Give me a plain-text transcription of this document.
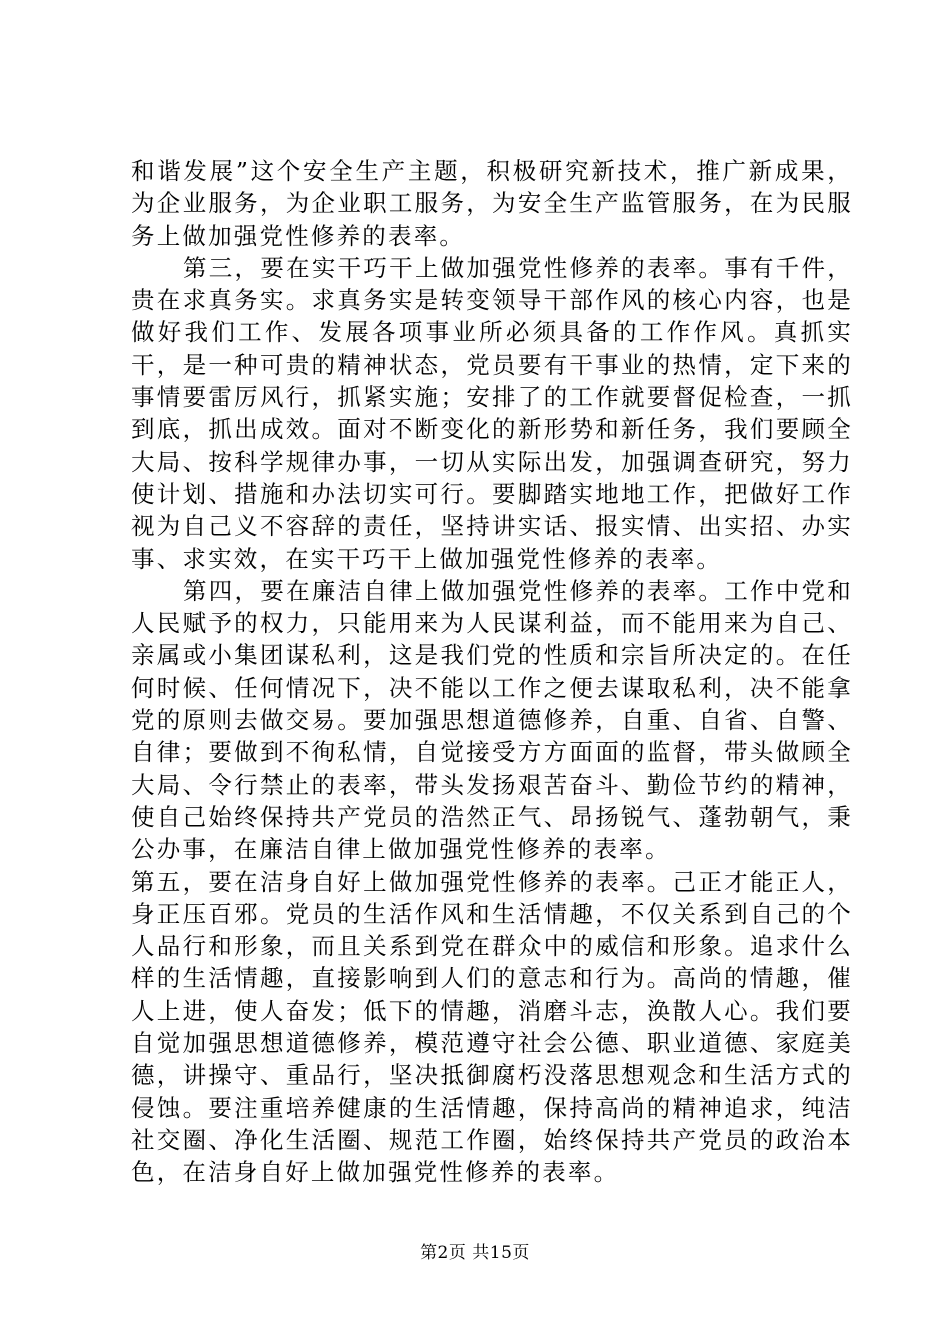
和谐发展”这个安全生产主题，积极研究新技术，推广新成果，为企业服务，为企业职工服务，为安全生产监管服务，在为民服务上做加强党性修养的表率。

第三，要在实干巧干上做加强党性修养的表率。事有千件，贵在求真务实。求真务实是转变领导干部作风的核心内容，也是做好我们工作、发展各项事业所必须具备的工作作风。真抓实干，是一种可贵的精神状态，党员要有干事业的热情，定下来的事情要雷厉风行，抓紧实施；安排了的工作就要督促检查，一抓到底，抓出成效。面对不断变化的新形势和新任务，我们要顾全大局、按科学规律办事，一切从实际出发，加强调查研究，努力使计划、措施和办法切实可行。要脚踏实地地工作，把做好工作视为自己义不容辞的责任，坚持讲实话、报实情、出实招、办实事、求实效，在实干巧干上做加强党性修养的表率。

第四，要在廉洁自律上做加强党性修养的表率。工作中党和人民赋予的权力，只能用来为人民谋利益，而不能用来为自己、亲属或小集团谋私利，这是我们党的性质和宗旨所决定的。在任何时候、任何情况下，决不能以工作之便去谋取私利，决不能拿党的原则去做交易。要加强思想道德修养，自重、自省、自警、自律；要做到不徇私情，自觉接受方方面面的监督，带头做顾全大局、令行禁止的表率，带头发扬艰苦奋斗、勤俭节约的精神，使自己始终保持共产党员的浩然正气、昂扬锐气、蓬勃朝气，秉公办事，在廉洁自律上做加强党性修养的表率。

第五，要在洁身自好上做加强党性修养的表率。己正才能正人，身正压百邪。党员的生活作风和生活情趣，不仅关系到自己的个人品行和形象，而且关系到党在群众中的威信和形象。追求什么样的生活情趣，直接影响到人们的意志和行为。高尚的情趣，催人上进，使人奋发；低下的情趣，消磨斗志，涣散人心。我们要自觉加强思想道德修养，模范遵守社会公德、职业道德、家庭美德，讲操守、重品行，坚决抵御腐朽没落思想观念和生活方式的侵蚀。要注重培养健康的生活情趣，保持高尚的精神追求，纯洁社交圈、净化生活圈、规范工作圈，始终保持共产党员的政治本色，在洁身自好上做加强党性修养的表率。

第2页 共15页
